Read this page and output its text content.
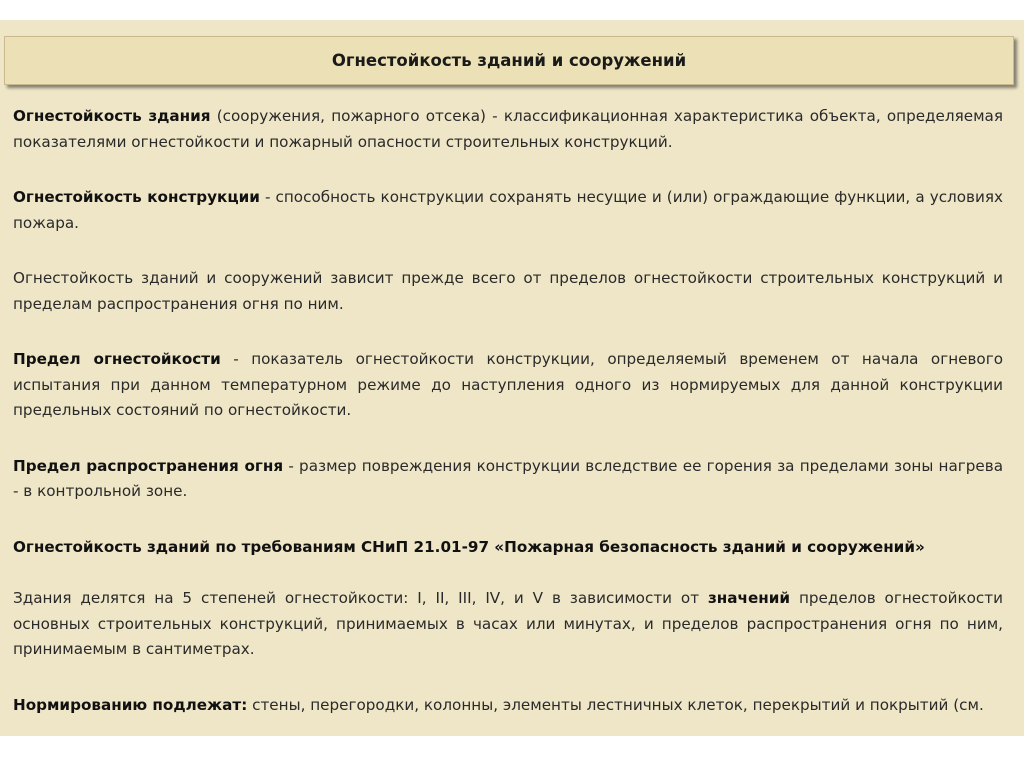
Огнестойкость зданий и сооружений

Огнестойкость здания (сооружения, пожарного отсека) - классификационная характеристика объекта, определяемая показателями огнестойкости и пожарный опасности строительных конструкций.

Огнестойкость конструкции - способность конструкции сохранять несущие и (или) ограждающие функции, а условиях пожара.

Огнестойкость зданий и сооружений зависит прежде всего от пределов огнестойкости строительных конструкций и пределам распространения огня по ним.

Предел огнестойкости - показатель огнестойкости конструкции, определяемый временем от начала огневого испытания при данном температурном режиме до наступления одного из нормируемых для данной конструкции предельных состояний по огнестойкости.

Предел распространения огня - размер повреждения конструкции вследствие ее горения за пределами зоны нагрева - в контрольной зоне.

Огнестойкость зданий по требованиям СНиП 21.01-97 «Пожарная безопасность зданий и сооружений»

Здания делятся на 5 степеней огнестойкости: I, II, III, IV, и V в зависимости от значений пределов огнестойкости основных строительных конструкций, принимаемых в часах или минутах, и пределов распространения огня по ним, принимаемым в сантиметрах.

Нормированию подлежат: стены, перегородки, колонны, элементы лестничных клеток, перекрытий и покрытий (см.
